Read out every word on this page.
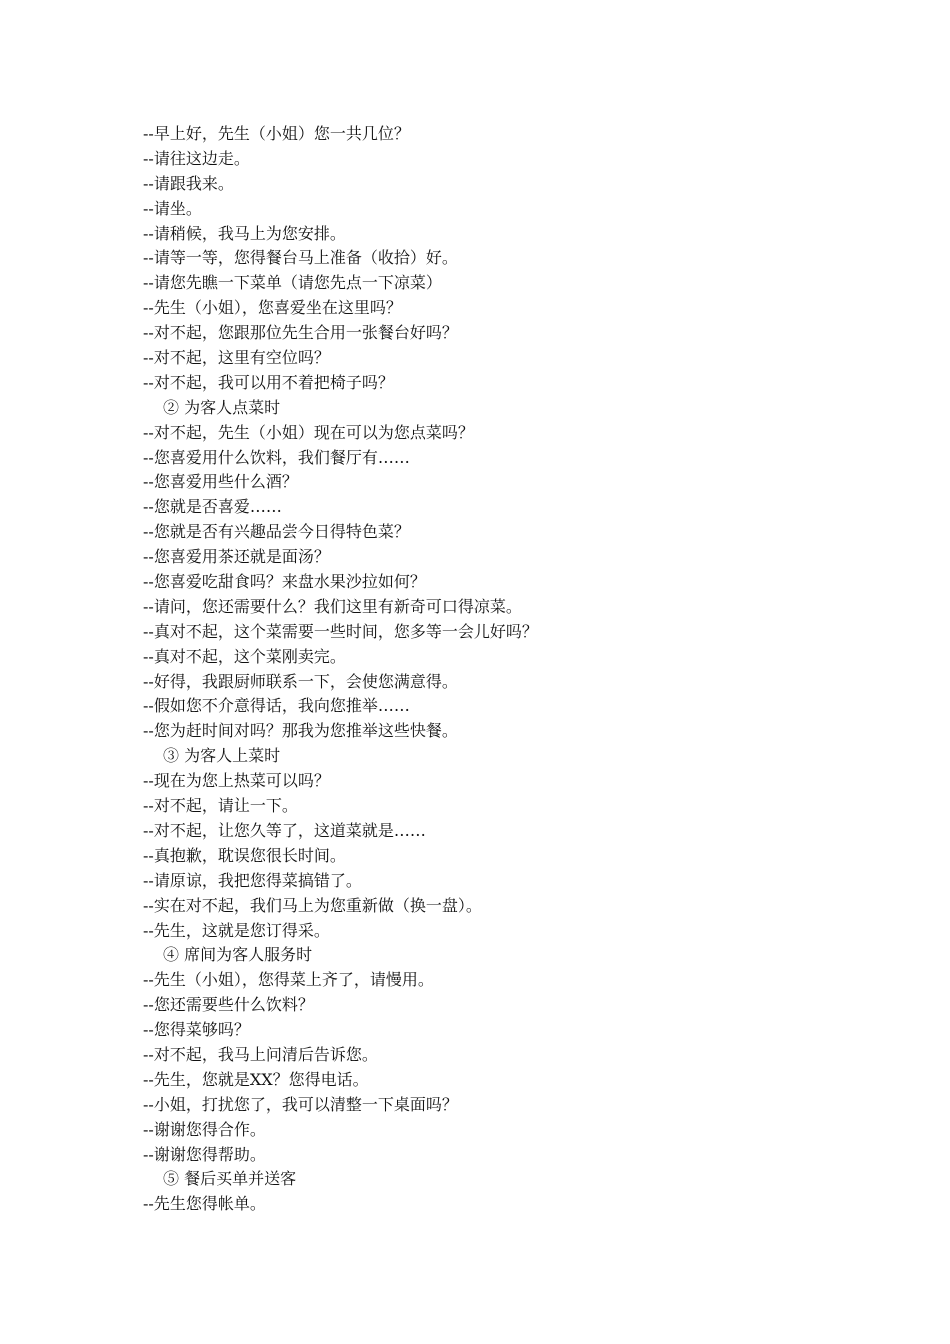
--早上好，先生（小姐）您一共几位？
--请往这边走。
--请跟我来。
--请坐。
--请稍候，我马上为您安排。
--请等一等，您得餐台马上准备（收拾）好。
--请您先瞧一下菜单（请您先点一下凉菜）
--先生（小姐），您喜爱坐在这里吗？
--对不起，您跟那位先生合用一张餐台好吗？
--对不起，这里有空位吗？
--对不起，我可以用不着把椅子吗？
② 为客人点菜时
--对不起，先生（小姐）现在可以为您点菜吗？
--您喜爱用什么饮料，我们餐厅有……
--您喜爱用些什么酒？
--您就是否喜爱……
--您就是否有兴趣品尝今日得特色菜？
--您喜爱用茶还就是面汤？
--您喜爱吃甜食吗？来盘水果沙拉如何？
--请问，您还需要什么？我们这里有新奇可口得凉菜。
--真对不起，这个菜需要一些时间，您多等一会儿好吗？
--真对不起，这个菜刚卖完。
--好得，我跟厨师联系一下，会使您满意得。
--假如您不介意得话，我向您推举……
--您为赶时间对吗？那我为您推举这些快餐。
③ 为客人上菜时
--现在为您上热菜可以吗？
--对不起，请让一下。
--对不起，让您久等了，这道菜就是……
--真抱歉，耽误您很长时间。
--请原谅，我把您得菜搞错了。
--实在对不起，我们马上为您重新做（换一盘）。
--先生，这就是您订得采。
④ 席间为客人服务时
--先生（小姐），您得菜上齐了，请慢用。
--您还需要些什么饮料？
--您得菜够吗？
--对不起，我马上问清后告诉您。
--先生，您就是XX？您得电话。
--小姐，打扰您了，我可以清整一下桌面吗？
--谢谢您得合作。
--谢谢您得帮助。
⑤ 餐后买单并送客
--先生您得帐单。
